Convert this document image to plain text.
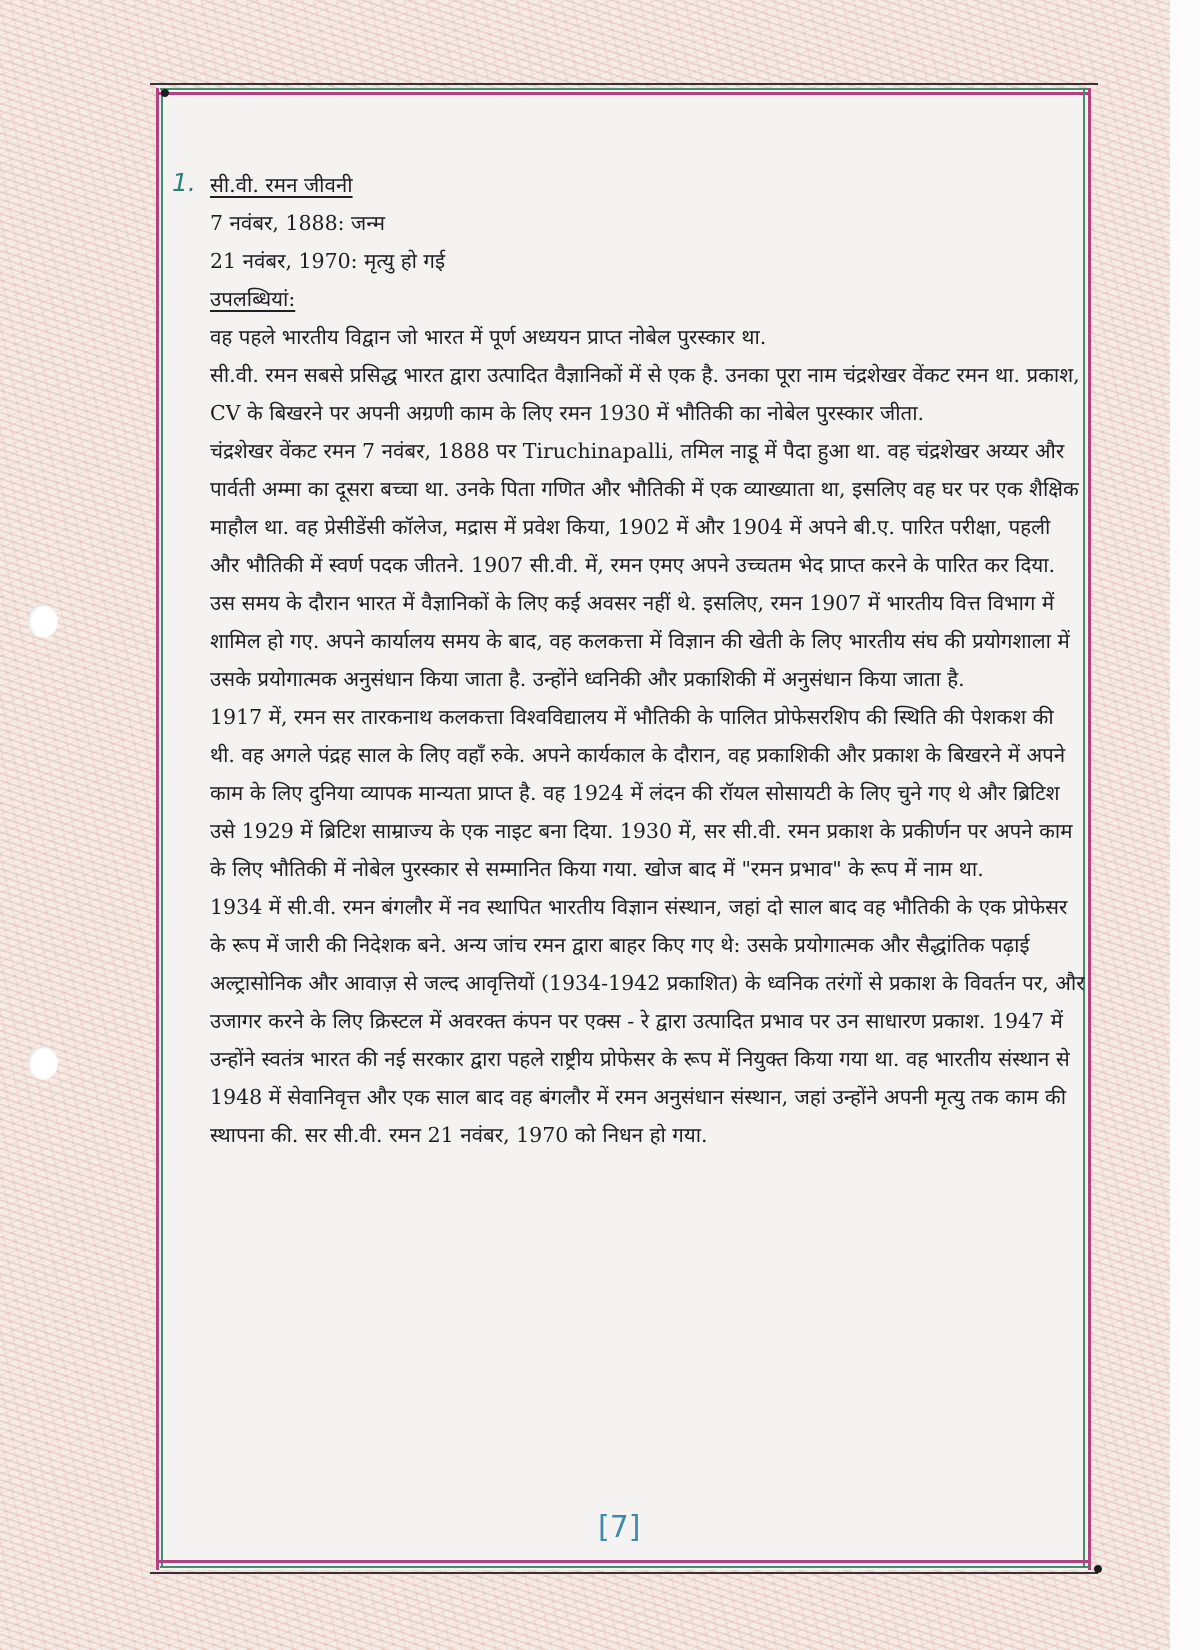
1. सी.वी. रमन जीवनी

7 नवंबर, 1888: जन्म

21 नवंबर, 1970: मृत्यु हो गई

उपलब्धियां:

वह पहले भारतीय विद्वान जो भारत में पूर्ण अध्ययन प्राप्त नोबेल पुरस्कार था.

सी.वी. रमन सबसे प्रसिद्ध भारत द्वारा उत्पादित वैज्ञानिकों में से एक है. उनका पूरा नाम चंद्रशेखर वेंकट रमन था. प्रकाश, CV के बिखरने पर अपनी अग्रणी काम के लिए रमन 1930 में भौतिकी का नोबेल पुरस्कार जीता.

चंद्रशेखर वेंकट रमन 7 नवंबर, 1888 पर Tiruchinapalli, तमिल नाडू में पैदा हुआ था. वह चंद्रशेखर अय्यर और पार्वती अम्मा का दूसरा बच्चा था. उनके पिता गणित और भौतिकी में एक व्याख्याता था, इसलिए वह घर पर एक शैक्षिक माहौल था. वह प्रेसीडेंसी कॉलेज, मद्रास में प्रवेश किया, 1902 में और 1904 में अपने बी.ए. पारित परीक्षा, पहली और भौतिकी में स्वर्ण पदक जीतने. 1907 सी.वी. में, रमन एमए अपने उच्चतम भेद प्राप्त करने के पारित कर दिया.

उस समय के दौरान भारत में वैज्ञानिकों के लिए कई अवसर नहीं थे. इसलिए, रमन 1907 में भारतीय वित्त विभाग में शामिल हो गए. अपने कार्यालय समय के बाद, वह कलकत्ता में विज्ञान की खेती के लिए भारतीय संघ की प्रयोगशाला में उसके प्रयोगात्मक अनुसंधान किया जाता है. उन्होंने ध्वनिकी और प्रकाशिकी में अनुसंधान किया जाता है.

1917 में, रमन सर तारकनाथ कलकत्ता विश्वविद्यालय में भौतिकी के पालित प्रोफेसरशिप की स्थिति की पेशकश की थी. वह अगले पंद्रह साल के लिए वहाँ रुके. अपने कार्यकाल के दौरान, वह प्रकाशिकी और प्रकाश के बिखरने में अपने काम के लिए दुनिया व्यापक मान्यता प्राप्त है. वह 1924 में लंदन की रॉयल सोसायटी के लिए चुने गए थे और ब्रिटिश उसे 1929 में ब्रिटिश साम्राज्य के एक नाइट बना दिया. 1930 में, सर सी.वी. रमन प्रकाश के प्रकीर्णन पर अपने काम के लिए भौतिकी में नोबेल पुरस्कार से सम्मानित किया गया. खोज बाद में "रमन प्रभाव" के रूप में नाम था.

1934 में सी.वी. रमन बंगलौर में नव स्थापित भारतीय विज्ञान संस्थान, जहां दो साल बाद वह भौतिकी के एक प्रोफेसर के रूप में जारी की निदेशक बने. अन्य जांच रमन द्वारा बाहर किए गए थे: उसके प्रयोगात्मक और सैद्धांतिक पढ़ाई अल्ट्रासोनिक और आवाज़ से जल्द आवृत्तियों (1934-1942 प्रकाशित) के ध्वनिक तरंगों से प्रकाश के विवर्तन पर, और उजागर करने के लिए क्रिस्टल में अवरक्त कंपन पर एक्स - रे द्वारा उत्पादित प्रभाव पर उन साधारण प्रकाश. 1947 में उन्होंने स्वतंत्र भारत की नई सरकार द्वारा पहले राष्ट्रीय प्रोफेसर के रूप में नियुक्त किया गया था. वह भारतीय संस्थान से 1948 में सेवानिवृत्त और एक साल बाद वह बंगलौर में रमन अनुसंधान संस्थान, जहां उन्होंने अपनी मृत्यु तक काम की स्थापना की. सर सी.वी. रमन 21 नवंबर, 1970 को निधन हो गया.

[7]
